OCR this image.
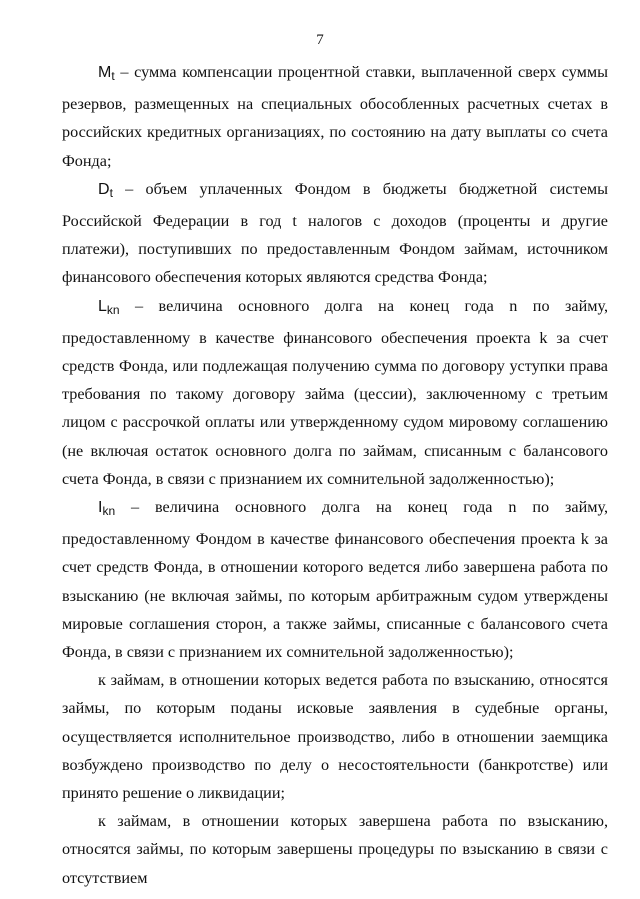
7

$M_t$ – сумма компенсации процентной ставки, выплаченной сверх суммы резервов, размещенных на специальных обособленных расчетных счетах в российских кредитных организациях, по состоянию на дату выплаты со счета Фонда;

$D_t$ – объем уплаченных Фондом в бюджеты бюджетной системы Российской Федерации в год t налогов с доходов (проценты и другие платежи), поступивших по предоставленным Фондом займам, источником финансового обеспечения которых являются средства Фонда;

$L_{kn}$ – величина основного долга на конец года n по займу, предоставленному в качестве финансового обеспечения проекта k за счет средств Фонда, или подлежащая получению сумма по договору уступки права требования по такому договору займа (цессии), заключенному с третьим лицом с рассрочкой оплаты или утвержденному судом мировому соглашению (не включая остаток основного долга по займам, списанным с балансового счета Фонда, в связи с признанием их сомнительной задолженностью);

$I_{kn}$ – величина основного долга на конец года n по займу, предоставленному Фондом в качестве финансового обеспечения проекта k за счет средств Фонда, в отношении которого ведется либо завершена работа по взысканию (не включая займы, по которым арбитражным судом утверждены мировые соглашения сторон, а также займы, списанные с балансового счета Фонда, в связи с признанием их сомнительной задолженностью);

к займам, в отношении которых ведется работа по взысканию, относятся займы, по которым поданы исковые заявления в судебные органы, осуществляется исполнительное производство, либо в отношении заемщика возбуждено производство по делу о несостоятельности (банкротстве) или принято решение о ликвидации;

к займам, в отношении которых завершена работа по взысканию, относятся займы, по которым завершены процедуры по взысканию в связи с отсутствием
